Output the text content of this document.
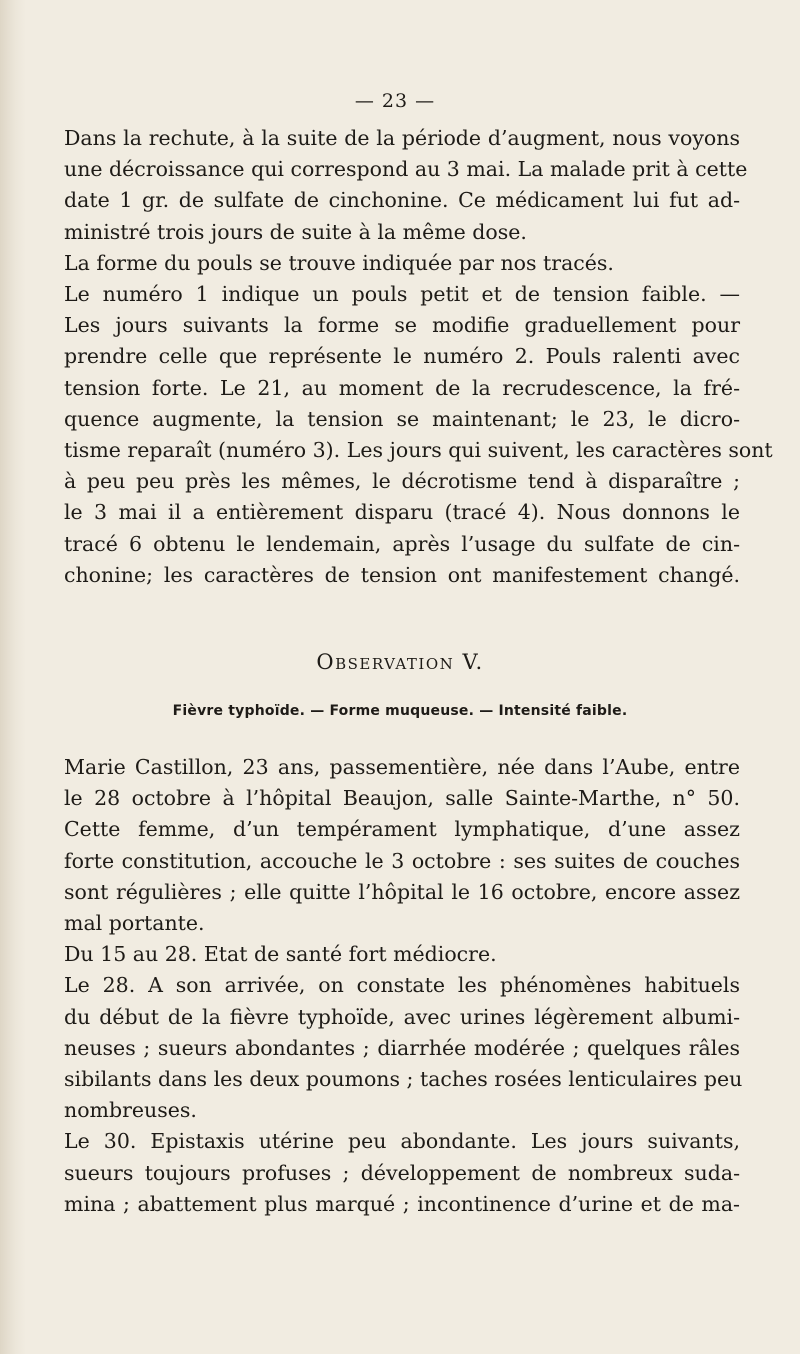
— 23 —
Dans la rechute, à la suite de la période d’augment, nous voyons
une décroissance qui correspond au 3 mai. La malade prit à cette
date 1 gr. de sulfate de cinchonine. Ce médicament lui fut ad-
ministré trois jours de suite à la même dose.
La forme du pouls se trouve indiquée par nos tracés.
Le numéro 1 indique un pouls petit et de tension faible. —
Les jours suivants la forme se modifie graduellement pour
prendre celle que représente le numéro 2. Pouls ralenti avec
tension forte. Le 21, au moment de la recrudescence, la fré-
quence augmente, la tension se maintenant; le 23, le dicro-
tisme reparaît (numéro 3). Les jours qui suivent, les caractères sont
à peu peu près les mêmes, le décrotisme tend à disparaître ;
le 3 mai il a entièrement disparu (tracé 4). Nous donnons le
tracé 6 obtenu le lendemain, après l’usage du sulfate de cin-
chonine; les caractères de tension ont manifestement changé.
Observation V.
Fièvre typhoïde. — Forme muqueuse. — Intensité faible.
Marie Castillon, 23 ans, passementière, née dans l’Aube, entre
le 28 octobre à l’hôpital Beaujon, salle Sainte-Marthe, n° 50.
Cette femme, d’un tempérament lymphatique, d’une assez
forte constitution, accouche le 3 octobre : ses suites de couches
sont régulières ; elle quitte l’hôpital le 16 octobre, encore assez
mal portante.
Du 15 au 28. Etat de santé fort médiocre.
Le 28. A son arrivée, on constate les phénomènes habituels
du début de la fièvre typhoïde, avec urines légèrement albumi-
neuses ; sueurs abondantes ; diarrhée modérée ; quelques râles
sibilants dans les deux poumons ; taches rosées lenticulaires peu
nombreuses.
Le 30. Epistaxis utérine peu abondante. Les jours suivants,
sueurs toujours profuses ; développement de nombreux suda-
mina ; abattement plus marqué ; incontinence d’urine et de ma-
